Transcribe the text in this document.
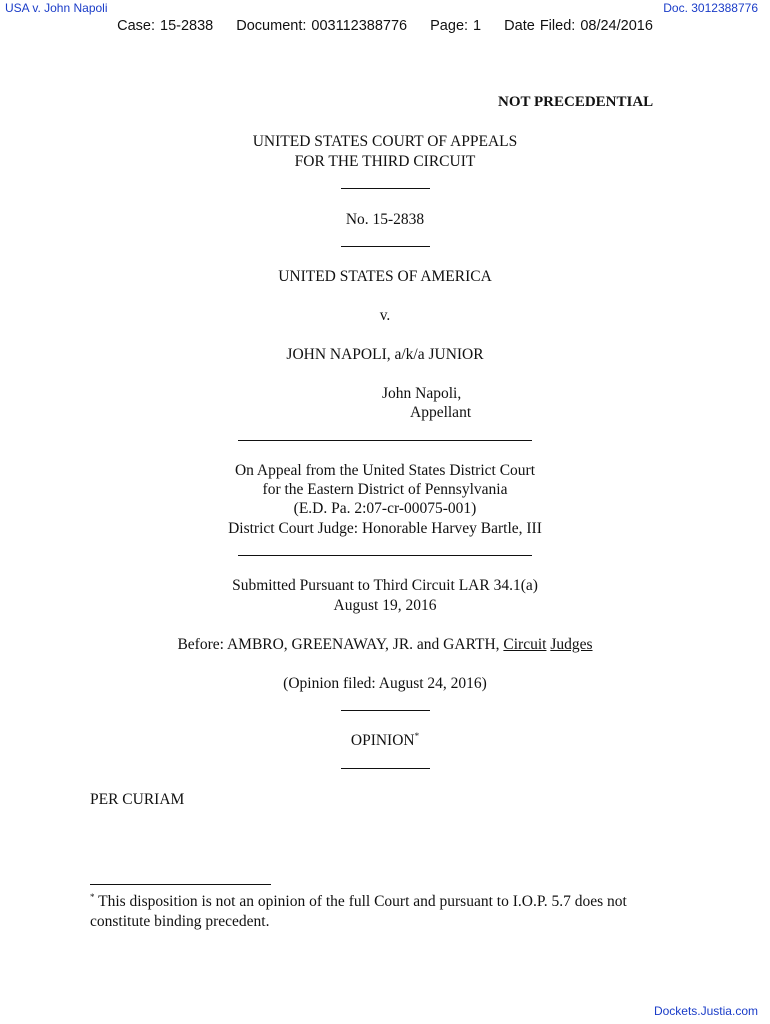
USA v. John Napoli	Doc. 3012388776
Case: 15-2838 Document: 003112388776 Page: 1 Date Filed: 08/24/2016
NOT PRECEDENTIAL
UNITED STATES COURT OF APPEALS
FOR THE THIRD CIRCUIT
No. 15-2838
UNITED STATES OF AMERICA
v.
JOHN NAPOLI, a/k/a JUNIOR
John Napoli,
Appellant
On Appeal from the United States District Court
for the Eastern District of Pennsylvania
(E.D. Pa. 2:07-cr-00075-001)
District Court Judge: Honorable Harvey Bartle, III
Submitted Pursuant to Third Circuit LAR 34.1(a)
August 19, 2016
Before: AMBRO, GREENAWAY, JR. and GARTH, Circuit Judges
(Opinion filed: August 24, 2016)
OPINION*
PER CURIAM
* This disposition is not an opinion of the full Court and pursuant to I.O.P. 5.7 does not
constitute binding precedent.
Dockets.Justia.com
